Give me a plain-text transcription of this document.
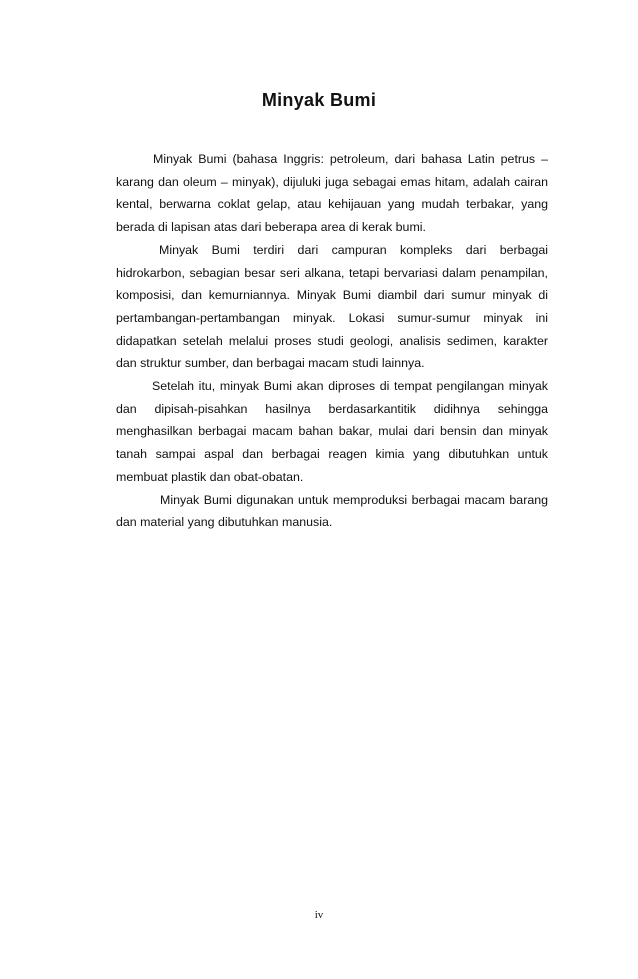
Minyak Bumi

Minyak Bumi (bahasa Inggris: petroleum, dari bahasa Latin petrus – karang dan oleum – minyak), dijuluki juga sebagai emas hitam, adalah cairan kental, berwarna coklat gelap, atau kehijauan yang mudah terbakar, yang berada di lapisan atas dari beberapa area di kerak bumi.

Minyak Bumi terdiri dari campuran kompleks dari berbagai hidrokarbon, sebagian besar seri alkana, tetapi bervariasi dalam penampilan, komposisi, dan kemurniannya. Minyak Bumi diambil dari sumur minyak di pertambangan-pertambangan minyak. Lokasi sumur-sumur minyak ini didapatkan setelah melalui proses studi geologi, analisis sedimen, karakter dan struktur sumber, dan berbagai macam studi lainnya.

Setelah itu, minyak Bumi akan diproses di tempat pengilangan minyak dan dipisah-pisahkan hasilnya berdasarkantitik didihnya sehingga menghasilkan berbagai macam bahan bakar, mulai dari bensin dan minyak tanah sampai aspal dan berbagai reagen kimia yang dibutuhkan untuk membuat plastik dan obat-obatan.

Minyak Bumi digunakan untuk memproduksi berbagai macam barang dan material yang dibutuhkan manusia.

iv
